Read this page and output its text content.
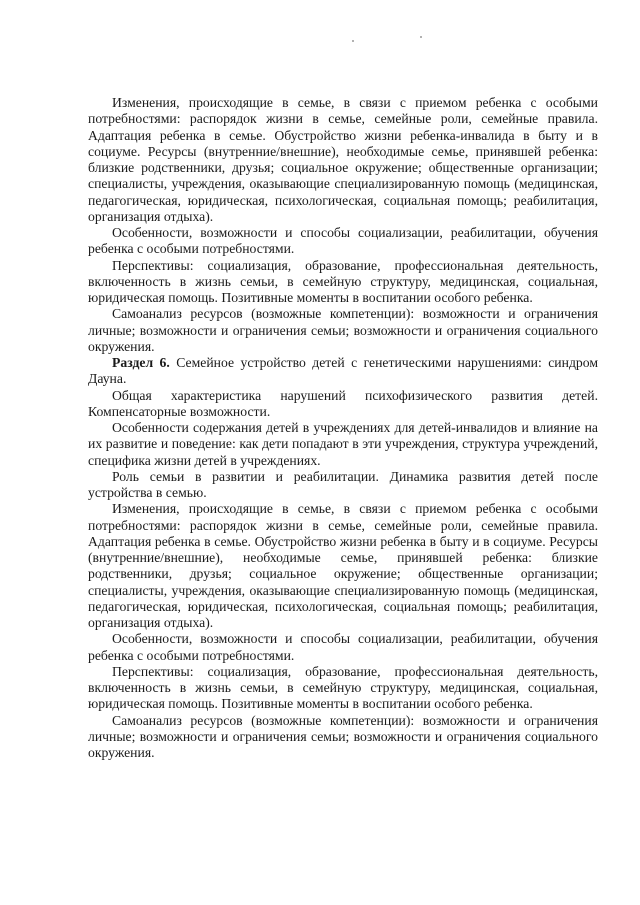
Изменения, происходящие в семье, в связи с приемом ребенка с особыми потребностями: распорядок жизни в семье, семейные роли, семейные правила. Адаптация ребенка в семье. Обустройство жизни ребенка-инвалида в быту и в социуме. Ресурсы (внутренние/внешние), необходимые семье, принявшей ребенка: близкие родственники, друзья; социальное окружение; общественные организации; специалисты, учреждения, оказывающие специализированную помощь (медицинская, педагогическая, юридическая, психологическая, социальная помощь; реабилитация, организация отдыха).

Особенности, возможности и способы социализации, реабилитации, обучения ребенка с особыми потребностями.

Перспективы: социализация, образование, профессиональная деятельность, включенность в жизнь семьи, в семейную структуру, медицинская, социальная, юридическая помощь. Позитивные моменты в воспитании особого ребенка.

Самоанализ ресурсов (возможные компетенции): возможности и ограничения личные; возможности и ограничения семьи; возможности и ограничения социального окружения.

Раздел 6. Семейное устройство детей с генетическими нарушениями: синдром Дауна.

Общая характеристика нарушений психофизического развития детей. Компенсаторные возможности.

Особенности содержания детей в учреждениях для детей-инвалидов и влияние на их развитие и поведение: как дети попадают в эти учреждения, структура учреждений, специфика жизни детей в учреждениях.

Роль семьи в развитии и реабилитации. Динамика развития детей после устройства в семью.

Изменения, происходящие в семье, в связи с приемом ребенка с особыми потребностями: распорядок жизни в семье, семейные роли, семейные правила. Адаптация ребенка в семье. Обустройство жизни ребенка в быту и в социуме. Ресурсы (внутренние/внешние), необходимые семье, принявшей ребенка: близкие родственники, друзья; социальное окружение; общественные организации; специалисты, учреждения, оказывающие специализированную помощь (медицинская, педагогическая, юридическая, психологическая, социальная помощь; реабилитация, организация отдыха).

Особенности, возможности и способы социализации, реабилитации, обучения ребенка с особыми потребностями.

Перспективы: социализация, образование, профессиональная деятельность, включенность в жизнь семьи, в семейную структуру, медицинская, социальная, юридическая помощь. Позитивные моменты в воспитании особого ребенка.

Самоанализ ресурсов (возможные компетенции): возможности и ограничения личные; возможности и ограничения семьи; возможности и ограничения социального окружения.
